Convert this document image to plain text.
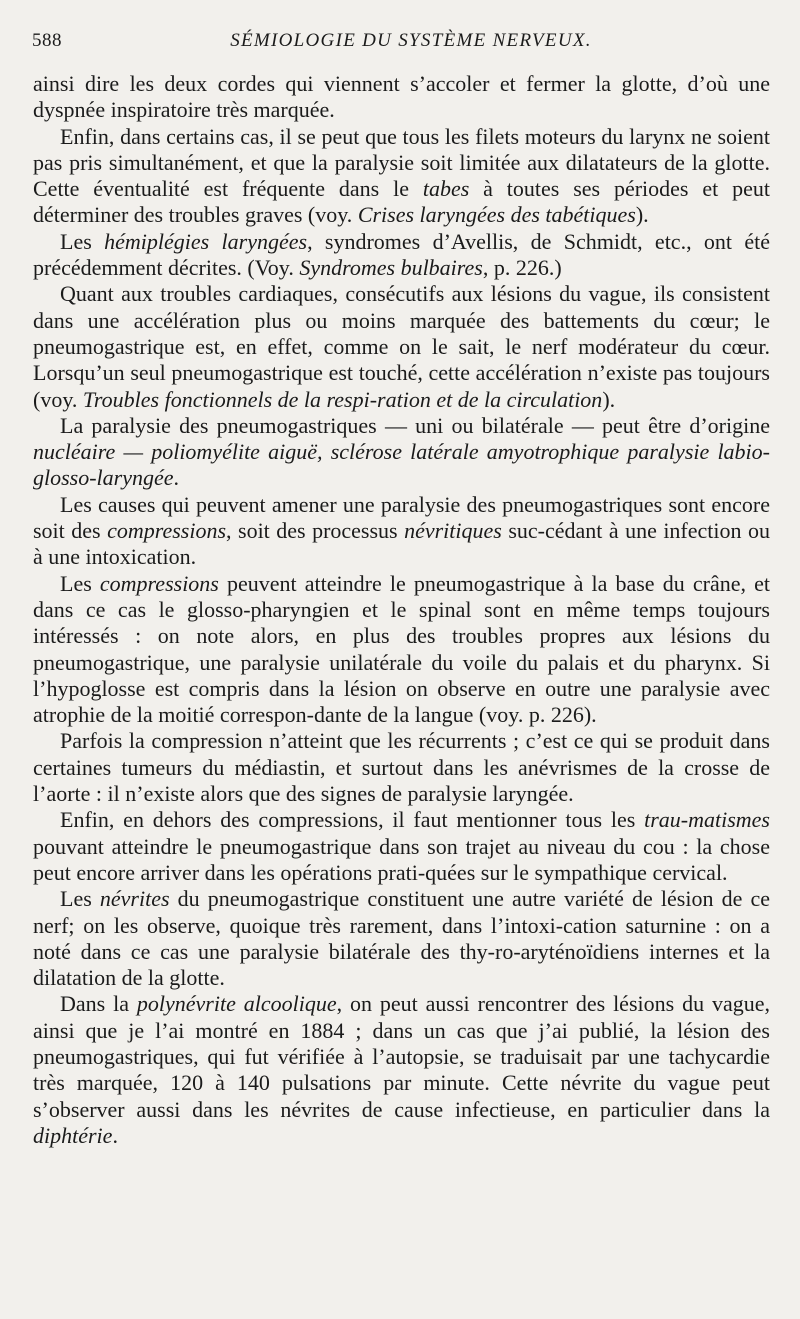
588	SÉMIOLOGIE DU SYSTÈME NERVEUX.

ainsi dire les deux cordes qui viennent s’accoler et fermer la glotte, d’où une dyspnée inspiratoire très marquée.

Enfin, dans certains cas, il se peut que tous les filets moteurs du larynx ne soient pas pris simultanément, et que la paralysie soit limitée aux dilatateurs de la glotte. Cette éventualité est fréquente dans le tabes à toutes ses périodes et peut déterminer des troubles graves (voy. Crises laryngées des tabétiques).

Les hémiplégies laryngées, syndromes d’Avellis, de Schmidt, etc., ont été précédemment décrites. (Voy. Syndromes bulbaires, p. 226.)

Quant aux troubles cardiaques, consécutifs aux lésions du vague, ils consistent dans une accélération plus ou moins marquée des battements du cœur; le pneumogastrique est, en effet, comme on le sait, le nerf modérateur du cœur. Lorsqu’un seul pneumogastrique est touché, cette accélération n’existe pas toujours (voy. Troubles fonctionnels de la respi-ration et de la circulation).

La paralysie des pneumogastriques — uni ou bilatérale — peut être d’origine nucléaire — poliomyélite aiguë, sclérose latérale amyotrophique paralysie labio-glosso-laryngée.

Les causes qui peuvent amener une paralysie des pneumogastriques sont encore soit des compressions, soit des processus névritiques suc-cédant à une infection ou à une intoxication.

Les compressions peuvent atteindre le pneumogastrique à la base du crâne, et dans ce cas le glosso-pharyngien et le spinal sont en même temps toujours intéressés : on note alors, en plus des troubles propres aux lésions du pneumogastrique, une paralysie unilatérale du voile du palais et du pharynx. Si l’hypoglosse est compris dans la lésion on observe en outre une paralysie avec atrophie de la moitié correspon-dante de la langue (voy. p. 226).

Parfois la compression n’atteint que les récurrents ; c’est ce qui se produit dans certaines tumeurs du médiastin, et surtout dans les anévrismes de la crosse de l’aorte : il n’existe alors que des signes de paralysie laryngée.

Enfin, en dehors des compressions, il faut mentionner tous les trau-matismes pouvant atteindre le pneumogastrique dans son trajet au niveau du cou : la chose peut encore arriver dans les opérations prati-quées sur le sympathique cervical.

Les névrites du pneumogastrique constituent une autre variété de lésion de ce nerf; on les observe, quoique très rarement, dans l’intoxi-cation saturnine : on a noté dans ce cas une paralysie bilatérale des thy-ro-aryténoïdiens internes et la dilatation de la glotte.

Dans la polynévrite alcoolique, on peut aussi rencontrer des lésions du vague, ainsi que je l’ai montré en 1884 ; dans un cas que j’ai publié, la lésion des pneumogastriques, qui fut vérifiée à l’autopsie, se traduisait par une tachycardie très marquée, 120 à 140 pulsations par minute. Cette névrite du vague peut s’observer aussi dans les névrites de cause infectieuse, en particulier dans la diphtérie.
